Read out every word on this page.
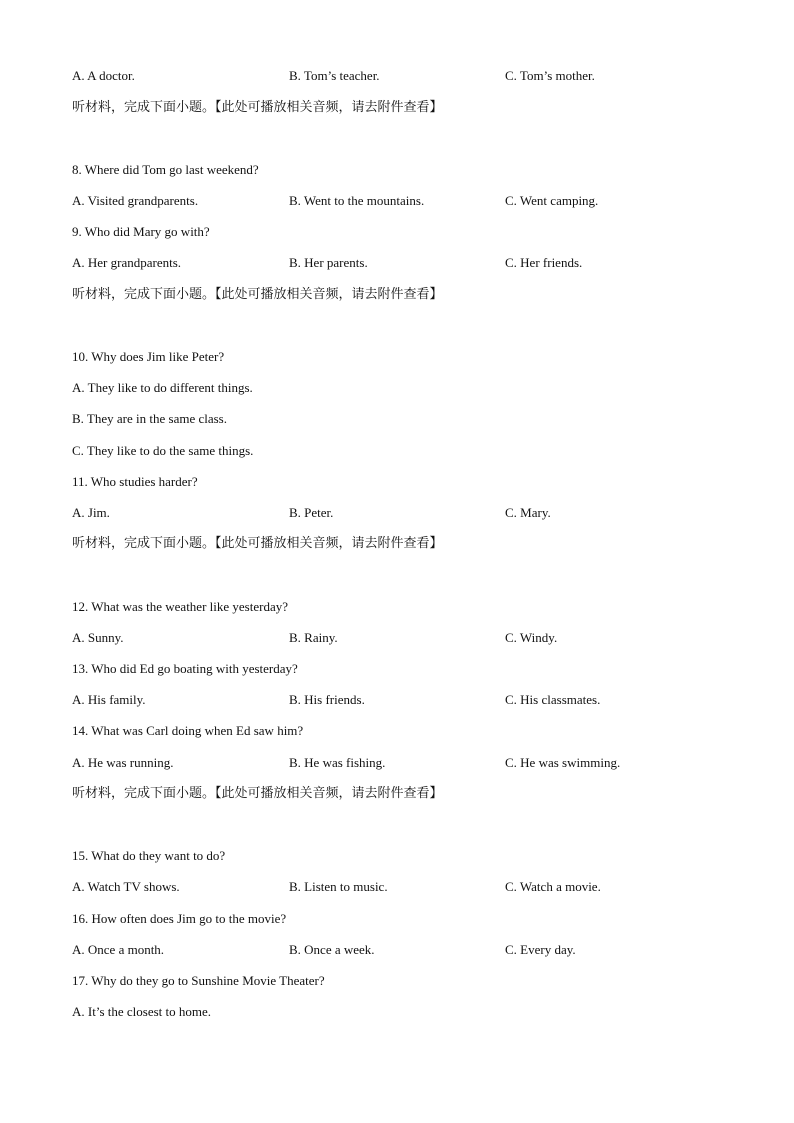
A. A doctor.	B. Tom’s teacher.	C. Tom’s mother.
听材料，完成下面小题。【此处可播放相关音频，请去附件查看】
8. Where did Tom go last weekend?
A. Visited grandparents.	B. Went to the mountains.	C. Went camping.
9. Who did Mary go with?
A. Her grandparents.	B. Her parents.	C. Her friends.
听材料，完成下面小题。【此处可播放相关音频，请去附件查看】
10. Why does Jim like Peter?
A. They like to do different things.
B. They are in the same class.
C. They like to do the same things.
11. Who studies harder?
A. Jim.	B. Peter.	C. Mary.
听材料，完成下面小题。【此处可播放相关音频，请去附件查看】
12. What was the weather like yesterday?
A. Sunny.	B. Rainy.	C. Windy.
13. Who did Ed go boating with yesterday?
A. His family.	B. His friends.	C. His classmates.
14. What was Carl doing when Ed saw him?
A. He was running.	B. He was fishing.	C. He was swimming.
听材料，完成下面小题。【此处可播放相关音频，请去附件查看】
15. What do they want to do?
A. Watch TV shows.	B. Listen to music.	C. Watch a movie.
16. How often does Jim go to the movie?
A. Once a month.	B. Once a week.	C. Every day.
17. Why do they go to Sunshine Movie Theater?
A. It’s the closest to home.
